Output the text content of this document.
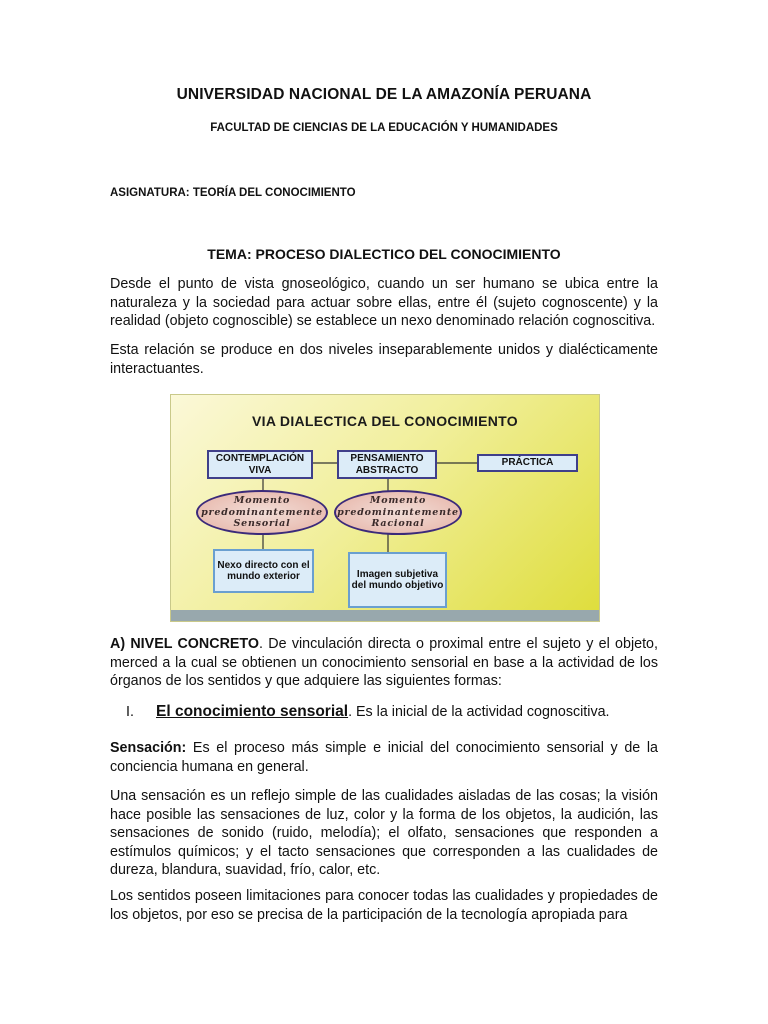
UNIVERSIDAD NACIONAL DE LA AMAZONÍA PERUANA
FACULTAD DE CIENCIAS DE LA EDUCACIÓN Y HUMANIDADES
ASIGNATURA: TEORÍA DEL CONOCIMIENTO
TEMA: PROCESO DIALECTICO DEL CONOCIMIENTO

Desde el punto de vista gnoseológico, cuando un ser humano se ubica entre la naturaleza y la sociedad para actuar sobre ellas, entre él (sujeto cognoscente) y la realidad (objeto cognoscible) se establece un nexo denominado relación cognoscitiva.

Esta relación se produce en dos niveles inseparablemente unidos y dialécticamente interactuantes.

VIA DIALECTICA DEL CONOCIMIENTO
CONTEMPLACIÓN VIVA
PENSAMIENTO ABSTRACTO
PRÁCTICA
Momento predominantemente Sensorial
Momento predominantemente Racional
Nexo directo con el mundo exterior	Imagen subjetiva del mundo objetivo

A) NIVEL CONCRETO. De vinculación directa o proximal entre el sujeto y el objeto, merced a la cual se obtienen un conocimiento sensorial en base a la actividad de los órganos de los sentidos y que adquiere las siguientes formas:

I. El conocimiento sensorial. Es la inicial de la actividad cognoscitiva.

Sensación: Es el proceso más simple e inicial del conocimiento sensorial y de la conciencia humana en general.

Una sensación es un reflejo simple de las cualidades aisladas de las cosas; la visión hace posible las sensaciones de luz, color y la forma de los objetos, la audición, las sensaciones de sonido (ruido, melodía); el olfato, sensaciones que responden a estímulos químicos; y el tacto sensaciones que corresponden a las cualidades de dureza, blandura, suavidad, frío, calor, etc.

Los sentidos poseen limitaciones para conocer todas las cualidades y propiedades de los objetos, por eso se precisa de la participación de la tecnología apropiada para
